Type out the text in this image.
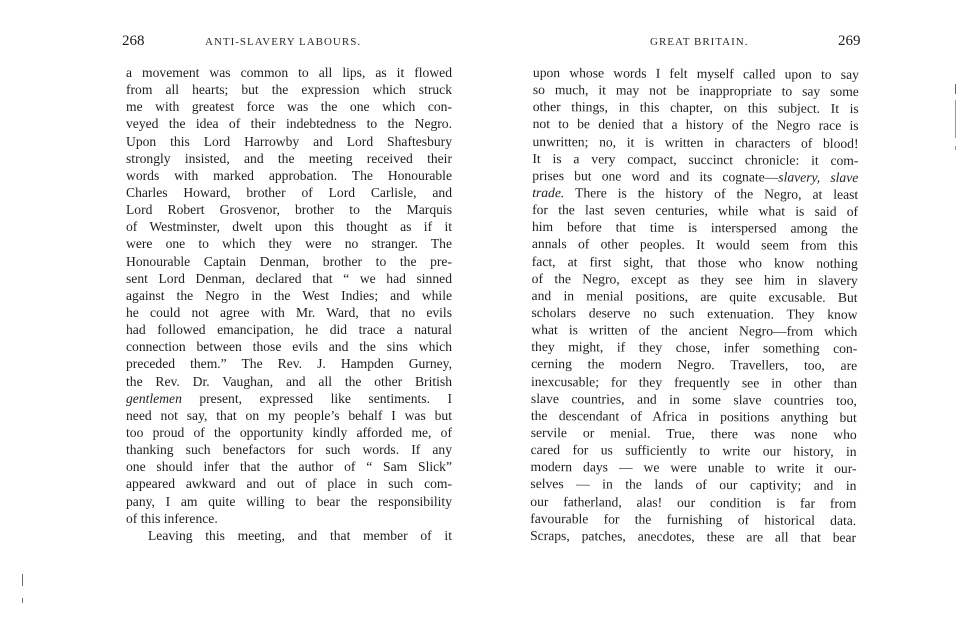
268	ANTI-SLAVERY LABOURS.
a movement was common to all lips, as it flowed
from all hearts; but the expression which struck
me with greatest force was the one which con-
veyed the idea of their indebtedness to the Negro.
Upon this Lord Harrowby and Lord Shaftesbury
strongly insisted, and the meeting received their
words with marked approbation. The Honourable
Charles Howard, brother of Lord Carlisle, and
Lord Robert Grosvenor, brother to the Marquis
of Westminster, dwelt upon this thought as if it
were one to which they were no stranger. The
Honourable Captain Denman, brother to the pre-
sent Lord Denman, declared that “ we had sinned
against the Negro in the West Indies; and while
he could not agree with Mr. Ward, that no evils
had followed emancipation, he did trace a natural
connection between those evils and the sins which
preceded them.” The Rev. J. Hampden Gurney,
the Rev. Dr. Vaughan, and all the other British
gentlemen present, expressed like sentiments. I
need not say, that on my people’s behalf I was but
too proud of the opportunity kindly afforded me, of
thanking such benefactors for such words. If any
one should infer that the author of “ Sam Slick”
appeared awkward and out of place in such com-
pany, I am quite willing to bear the responsibility
of this inference.
Leaving this meeting, and that member of it
GREAT BRITAIN.	269
upon whose words I felt myself called upon to say
so much, it may not be inappropriate to say some
other things, in this chapter, on this subject. It is
not to be denied that a history of the Negro race is
unwritten; no, it is written in characters of blood!
It is a very compact, succinct chronicle: it com-
prises but one word and its cognate—slavery, slave
trade. There is the history of the Negro, at least
for the last seven centuries, while what is said of
him before that time is interspersed among the
annals of other peoples. It would seem from this
fact, at first sight, that those who know nothing
of the Negro, except as they see him in slavery
and in menial positions, are quite excusable. But
scholars deserve no such extenuation. They know
what is written of the ancient Negro—from which
they might, if they chose, infer something con-
cerning the modern Negro. Travellers, too, are
inexcusable; for they frequently see in other than
slave countries, and in some slave countries too,
the descendant of Africa in positions anything but
servile or menial. True, there was none who
cared for us sufficiently to write our history, in
modern days — we were unable to write it our-
selves — in the lands of our captivity; and in
our fatherland, alas! our condition is far from
favourable for the furnishing of historical data.
Scraps, patches, anecdotes, these are all that bear
